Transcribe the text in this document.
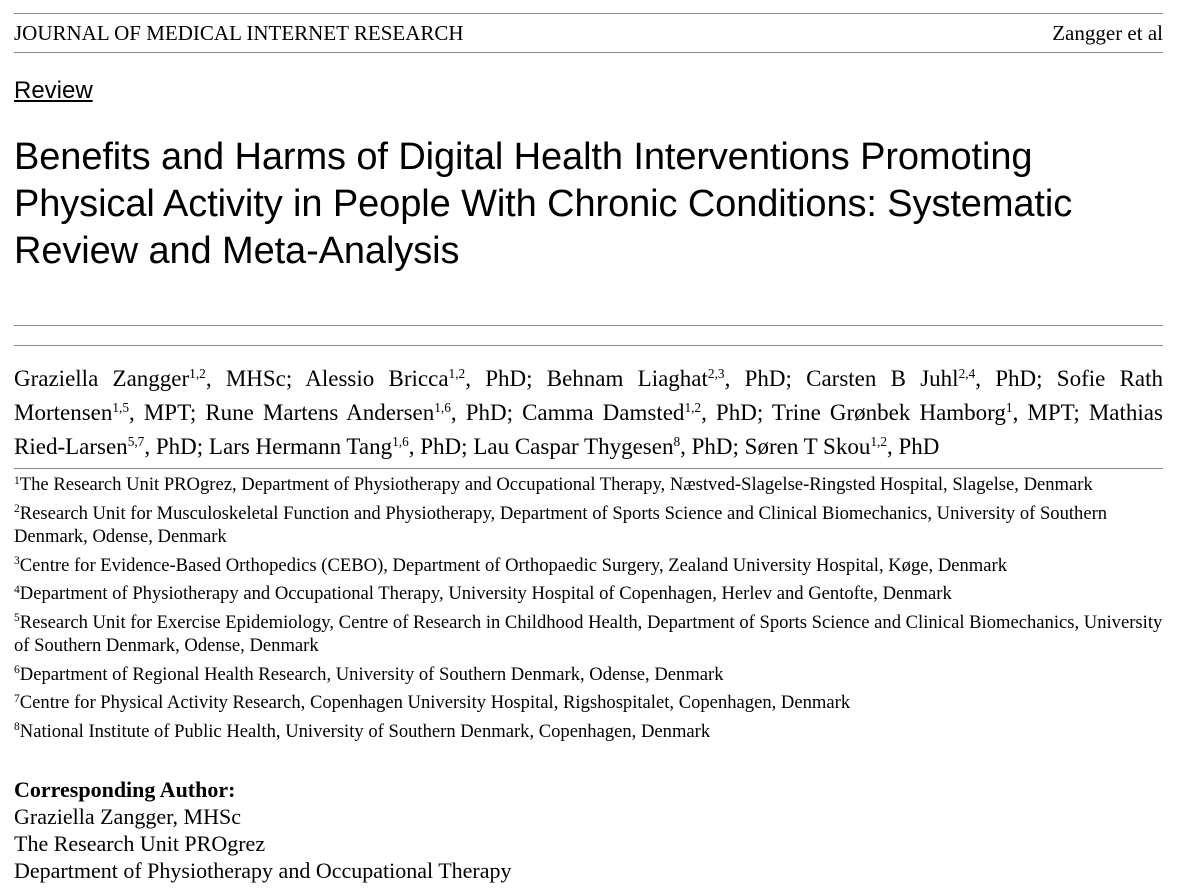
JOURNAL OF MEDICAL INTERNET RESEARCH	Zangger et al
Review
Benefits and Harms of Digital Health Interventions Promoting Physical Activity in People With Chronic Conditions: Systematic Review and Meta-Analysis
Graziella Zangger$^{1,2}$, MHSc; Alessio Bricca$^{1,2}$, PhD; Behnam Liaghat$^{2,3}$, PhD; Carsten B Juhl$^{2,4}$, PhD; Sofie Rath Mortensen$^{1,5}$, MPT; Rune Martens Andersen$^{1,6}$, PhD; Camma Damsted$^{1,2}$, PhD; Trine Grønbek Hamborg$^1$, MPT; Mathias Ried-Larsen$^{5,7}$, PhD; Lars Hermann Tang$^{1,6}$, PhD; Lau Caspar Thygesen$^8$, PhD; Søren T Skou$^{1,2}$, PhD
$^1$The Research Unit PROgrez, Department of Physiotherapy and Occupational Therapy, Næstved-Slagelse-Ringsted Hospital, Slagelse, Denmark
$^2$Research Unit for Musculoskeletal Function and Physiotherapy, Department of Sports Science and Clinical Biomechanics, University of Southern Denmark, Odense, Denmark
$^3$Centre for Evidence-Based Orthopedics (CEBO), Department of Orthopaedic Surgery, Zealand University Hospital, Køge, Denmark
$^4$Department of Physiotherapy and Occupational Therapy, University Hospital of Copenhagen, Herlev and Gentofte, Denmark
$^5$Research Unit for Exercise Epidemiology, Centre of Research in Childhood Health, Department of Sports Science and Clinical Biomechanics, University of Southern Denmark, Odense, Denmark
$^6$Department of Regional Health Research, University of Southern Denmark, Odense, Denmark
$^7$Centre for Physical Activity Research, Copenhagen University Hospital, Rigshospitalet, Copenhagen, Denmark
$^8$National Institute of Public Health, University of Southern Denmark, Copenhagen, Denmark
Corresponding Author:
Graziella Zangger, MHSc
The Research Unit PROgrez
Department of Physiotherapy and Occupational Therapy
